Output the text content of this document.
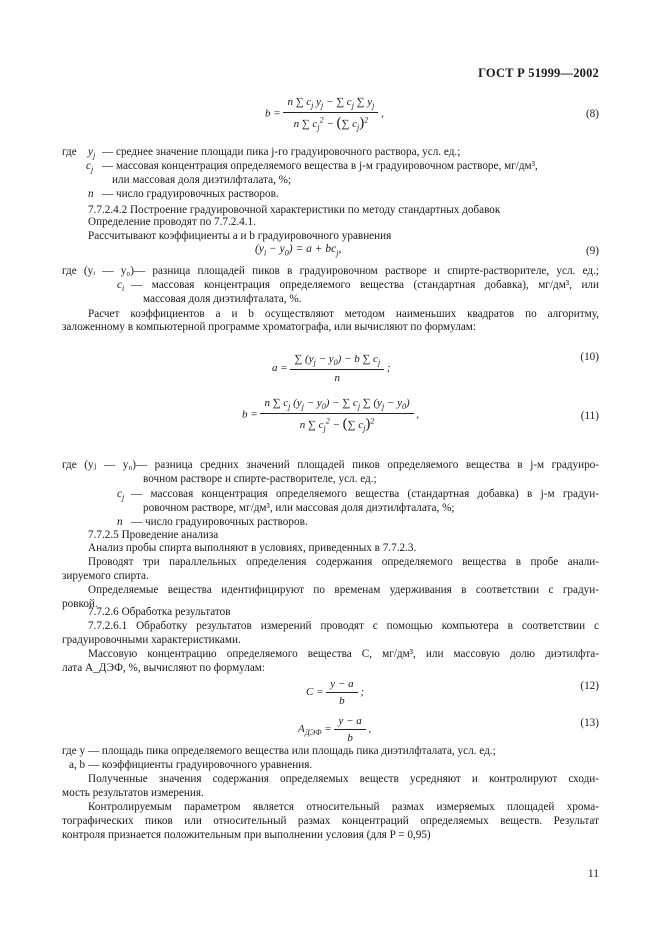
ГОСТ Р 51999—2002
$b = \frac{n \sum c_j y_j - \sum c_j \sum y_j}{n \sum c_j^2 - (\sum c_j)^2}$ ,	(8)
где $y_j$ — среднее значение площади пика j-го градуировочного раствора, усл. ед.;
$c_j$ — массовая концентрация определяемого вещества в j-м градуировочном растворе, мг/дм³,
или массовая доля диэтилфталата, %;
n — число градуировочных растворов.
7.7.2.4.2 Построение градуировочной характеристики по методу стандартных добавок
Определение проводят по 7.7.2.4.1.
Рассчитывают коэффициенты a и b градуировочного уравнения
$(y_i - y_0) = a + bc_j$,	(9)
где (yᵢ — y₀)— разница площадей пиков в градуировочном растворе и спирте-растворителе, усл. ед.;
$c_i$ — массовая концентрация определяемого вещества (стандартная добавка), мг/дм³, или
массовая доля диэтилфталата, %.
Расчет коэффициентов a и b осуществляют методом наименьших квадратов по алгоритму,
заложенному в компьютерной программе хроматографа, или вычисляют по формулам:
$a = \frac{\sum (y_j - y_0) - b \sum c_j}{n}$ ;
(10)
$b = \frac{n \sum c_j (y_j - y_0) - \sum c_j \sum (y_j - y_0)}{n \sum c_j^2 - (\sum c_j)^2}$ ,	(11)
где (yⱼ — y₀)— разница средних значений площадей пиков определяемого вещества в j-м градуиро-
вочном растворе и спирте-растворителе, усл. ед.;
$c_j$ — массовая концентрация определяемого вещества (стандартная добавка) в j-м градуи-
ровочном растворе, мг/дм³, или массовая доля диэтилфталата, %;
n — число градуировочных растворов.
7.7.2.5 Проведение анализа
Анализ пробы спирта выполняют в условиях, приведенных в 7.7.2.3.
Проводят три параллельных определения содержания определяемого вещества в пробе анали-
зируемого спирта.
Определяемые вещества идентифицируют по временам удерживания в соответствии с градуи-
ровкой.
7.7.2.6 Обработка результатов
7.7.2.6.1 Обработку результатов измерений проводят с помощью компьютера в соответствии с
градуировочными характеристиками.
Массовую концентрацию определяемого вещества C, мг/дм³, или массовую долю диэтилфта-
лата A_ДЭФ, %, вычисляют по формулам:
$C = \frac{y - a}{b}$ ;
(12)
$A_{ДЭФ} = \frac{y - a}{b}$ ,
(13)
где y — площадь пика определяемого вещества или площадь пика диэтилфталата, усл. ед.;
a, b — коэффициенты градуировочного уравнения.
Полученные значения содержания определяемых веществ усредняют и контролируют сходи-
мость результатов измерения.
Контролируемым параметром является относительный размах измеряемых площадей хрома-
тографических пиков или относительный размах концентраций определяемых веществ. Результат
контроля признается положительным при выполнении условия (для P = 0,95)
11
